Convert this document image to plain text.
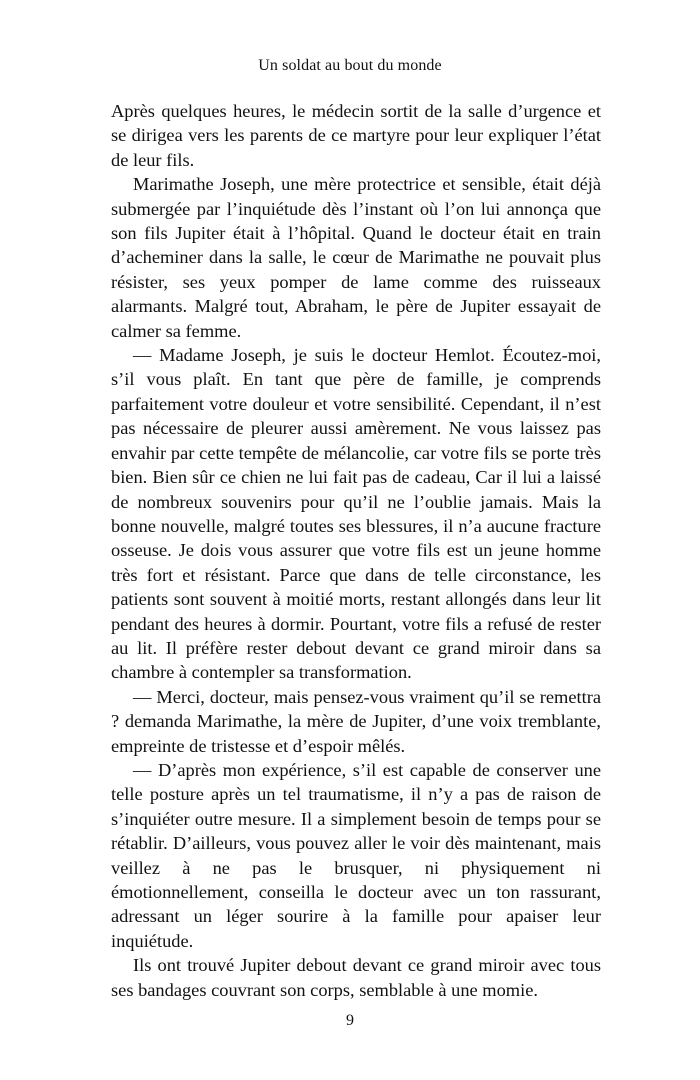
Un soldat au bout du monde

Après quelques heures, le médecin sortit de la salle d’urgence et se dirigea vers les parents de ce martyre pour leur expliquer l’état de leur fils.

Marimathe Joseph, une mère protectrice et sensible, était déjà submergée par l’inquiétude dès l’instant où l’on lui annonça que son fils Jupiter était à l’hôpital. Quand le docteur était en train d’acheminer dans la salle, le cœur de Marimathe ne pouvait plus résister, ses yeux pomper de lame comme des ruisseaux alarmants. Malgré tout, Abraham, le père de Jupiter essayait de calmer sa femme.

— Madame Joseph, je suis le docteur Hemlot. Écoutez-moi, s’il vous plaît. En tant que père de famille, je comprends parfaitement votre douleur et votre sensibilité. Cependant, il n’est pas nécessaire de pleurer aussi amèrement. Ne vous laissez pas envahir par cette tempête de mélancolie, car votre fils se porte très bien. Bien sûr ce chien ne lui fait pas de cadeau, Car il lui a laissé de nombreux souvenirs pour qu’il ne l’oublie jamais. Mais la bonne nouvelle, malgré toutes ses blessures, il n’a aucune fracture osseuse. Je dois vous assurer que votre fils est un jeune homme très fort et résistant. Parce que dans de telle circonstance, les patients sont souvent à moitié morts, restant allongés dans leur lit pendant des heures à dormir. Pourtant, votre fils a refusé de rester au lit. Il préfère rester debout devant ce grand miroir dans sa chambre à contempler sa transformation.

— Merci, docteur, mais pensez-vous vraiment qu’il se remettra ? demanda Marimathe, la mère de Jupiter, d’une voix tremblante, empreinte de tristesse et d’espoir mêlés.

— D’après mon expérience, s’il est capable de conserver une telle posture après un tel traumatisme, il n’y a pas de raison de s’inquiéter outre mesure. Il a simplement besoin de temps pour se rétablir. D’ailleurs, vous pouvez aller le voir dès maintenant, mais veillez à ne pas le brusquer, ni physiquement ni émotionnellement, conseilla le docteur avec un ton rassurant, adressant un léger sourire à la famille pour apaiser leur inquiétude.

Ils ont trouvé Jupiter debout devant ce grand miroir avec tous ses bandages couvrant son corps, semblable à une momie.

9
